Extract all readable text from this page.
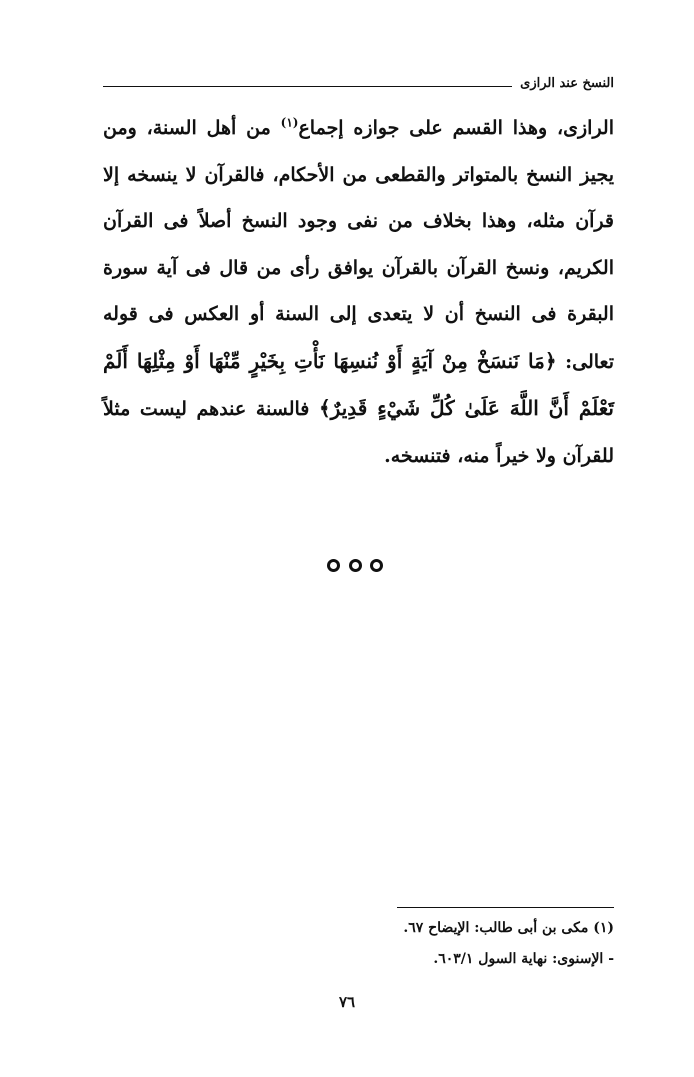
النسخ عند الرازى

الرازى، وهذا القسم على جوازه إجماع$^{(١)}$ من أهل السنة، ومن يجيز النسخ بالمتواتر والقطعى من الأحكام، فالقرآن لا ينسخه إلا قرآن مثله، وهذا بخلاف من نفى وجود النسخ أصلاً فى القرآن الكريم، ونسخ القرآن بالقرآن يوافق رأى من قال فى آية سورة البقرة فى النسخ أن لا يتعدى إلى السنة أو العكس فى قوله تعالى: ﴿مَا نَنسَخْ مِنْ آيَةٍ أَوْ نُنسِهَا نَأْتِ بِخَيْرٍ مِّنْهَا أَوْ مِثْلِهَا أَلَمْ تَعْلَمْ أَنَّ اللَّهَ عَلَىٰ كُلِّ شَيْءٍ قَدِيرٌ﴾ فالسنة عندهم ليست مثلاً للقرآن ولا خيراً منه، فتنسخه.

(١) مكى بن أبى طالب: الإيضاح ٦٧.
- الإسنوى: نهاية السول ٦٠٣/١.
٧٦
